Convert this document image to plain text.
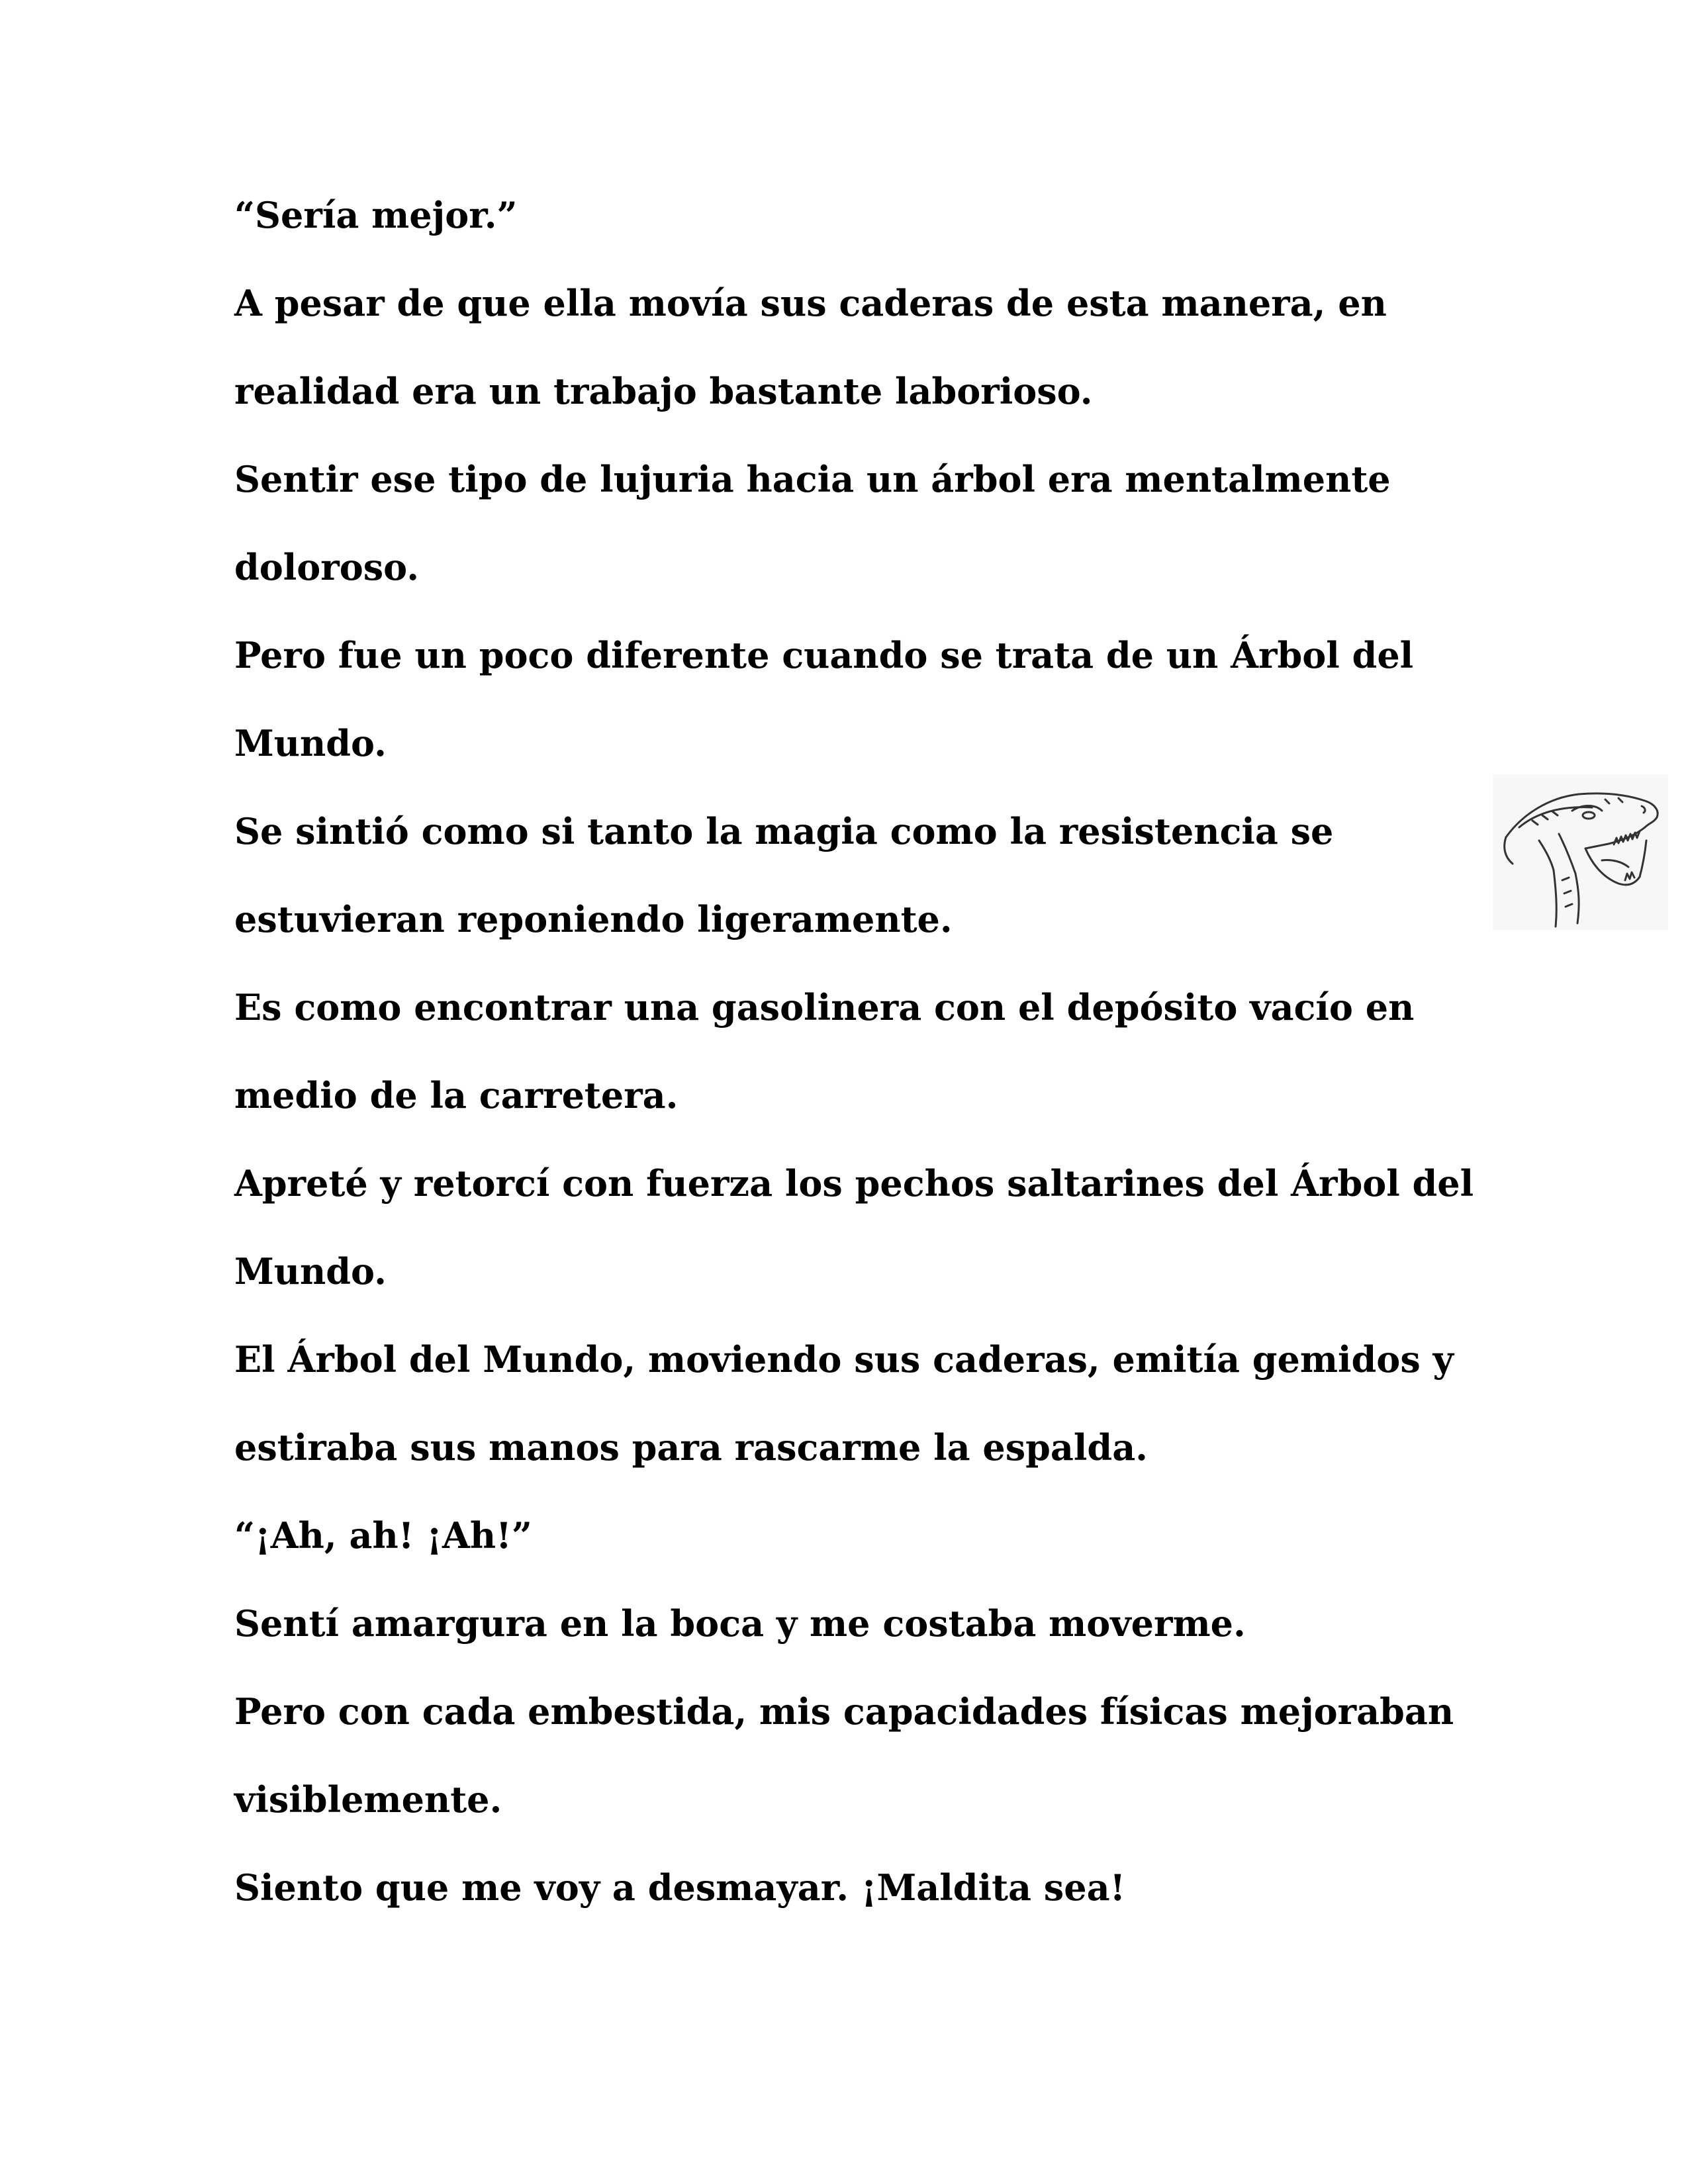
“Sería mejor.”
A pesar de que ella movía sus caderas de esta manera, en
realidad era un trabajo bastante laborioso.
Sentir ese tipo de lujuria hacia un árbol era mentalmente
doloroso.
Pero fue un poco diferente cuando se trata de un Árbol del
Mundo.
Se sintió como si tanto la magia como la resistencia se
estuvieran reponiendo ligeramente.
Es como encontrar una gasolinera con el depósito vacío en
medio de la carretera.
Apreté y retorcí con fuerza los pechos saltarines del Árbol del
Mundo.
El Árbol del Mundo, moviendo sus caderas, emitía gemidos y
estiraba sus manos para rascarme la espalda.
“¡Ah, ah! ¡Ah!”
Sentí amargura en la boca y me costaba moverme.
Pero con cada embestida, mis capacidades físicas mejoraban
visiblemente.
Siento que me voy a desmayar. ¡Maldita sea!
